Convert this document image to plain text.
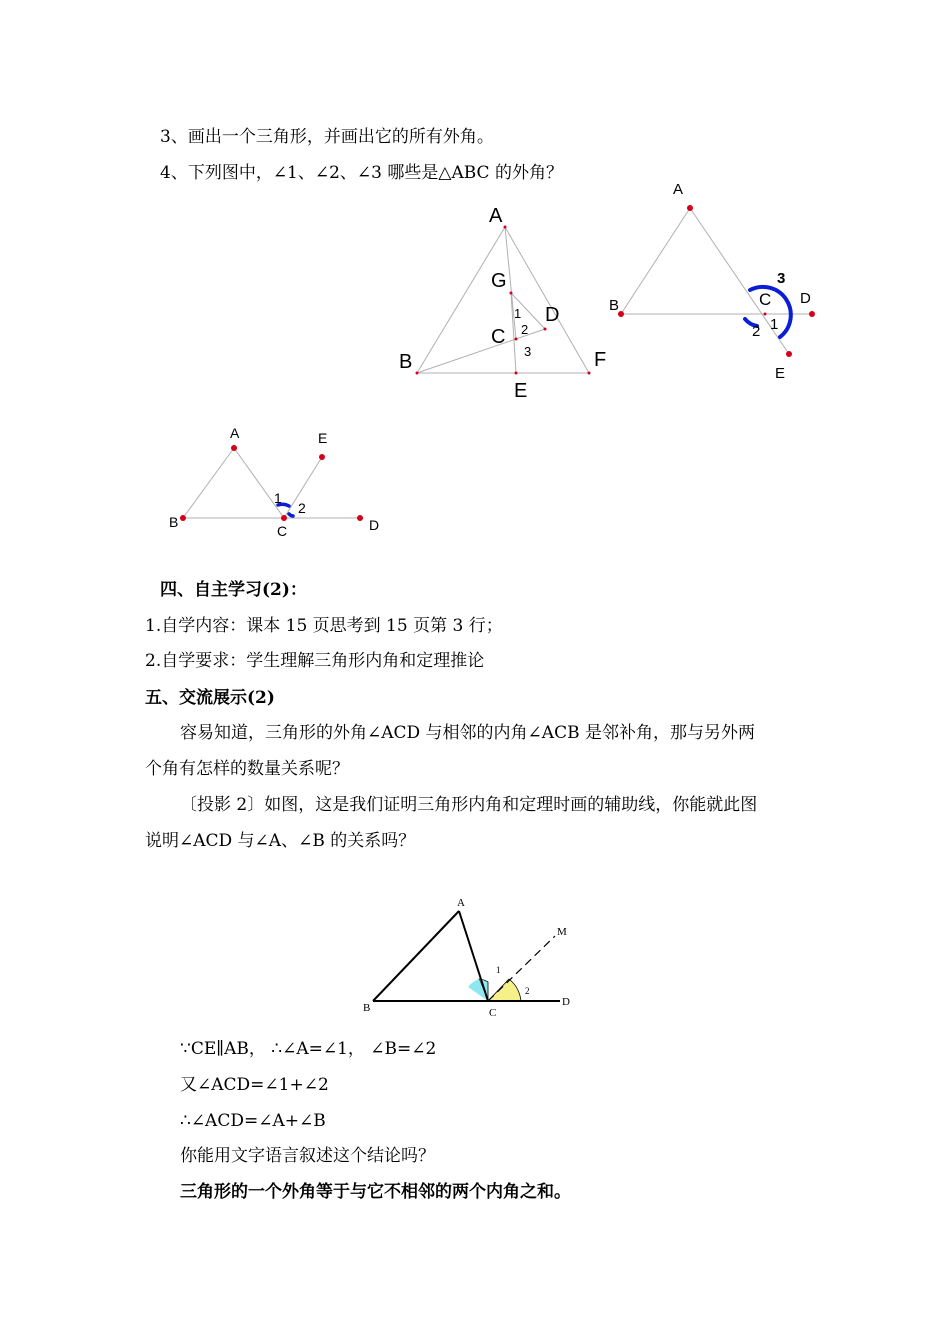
3、画出一个三角形，并画出它的所有外角。
4、下列图中，∠1、∠2、∠3 哪些是△ABC 的外角？
A
B
G
C
D
F
E
1
2
3
A
B	C D
E
3
1
2
A
B
C	D
E
1
2
四、自主学习(2)：
1.自学内容：课本 15 页思考到 15 页第 3 行；
2.自学要求：学生理解三角形内角和定理推论
五、交流展示(2)
容易知道，三角形的外角∠ACD 与相邻的内角∠ACB 是邻补角，那与另外两
个角有怎样的数量关系呢？
〔投影 2〕如图，这是我们证明三角形内角和定理时画的辅助线，你能就此图
说明∠ACD 与∠A、∠B 的关系吗？
A
B	C
D
M
1
2
∵CE∥AB， ∴∠A=∠1， ∠B=∠2
又∠ACD=∠1+∠2
∴∠ACD=∠A+∠B
你能用文字语言叙述这个结论吗？
三角形的一个外角等于与它不相邻的两个内角之和。
